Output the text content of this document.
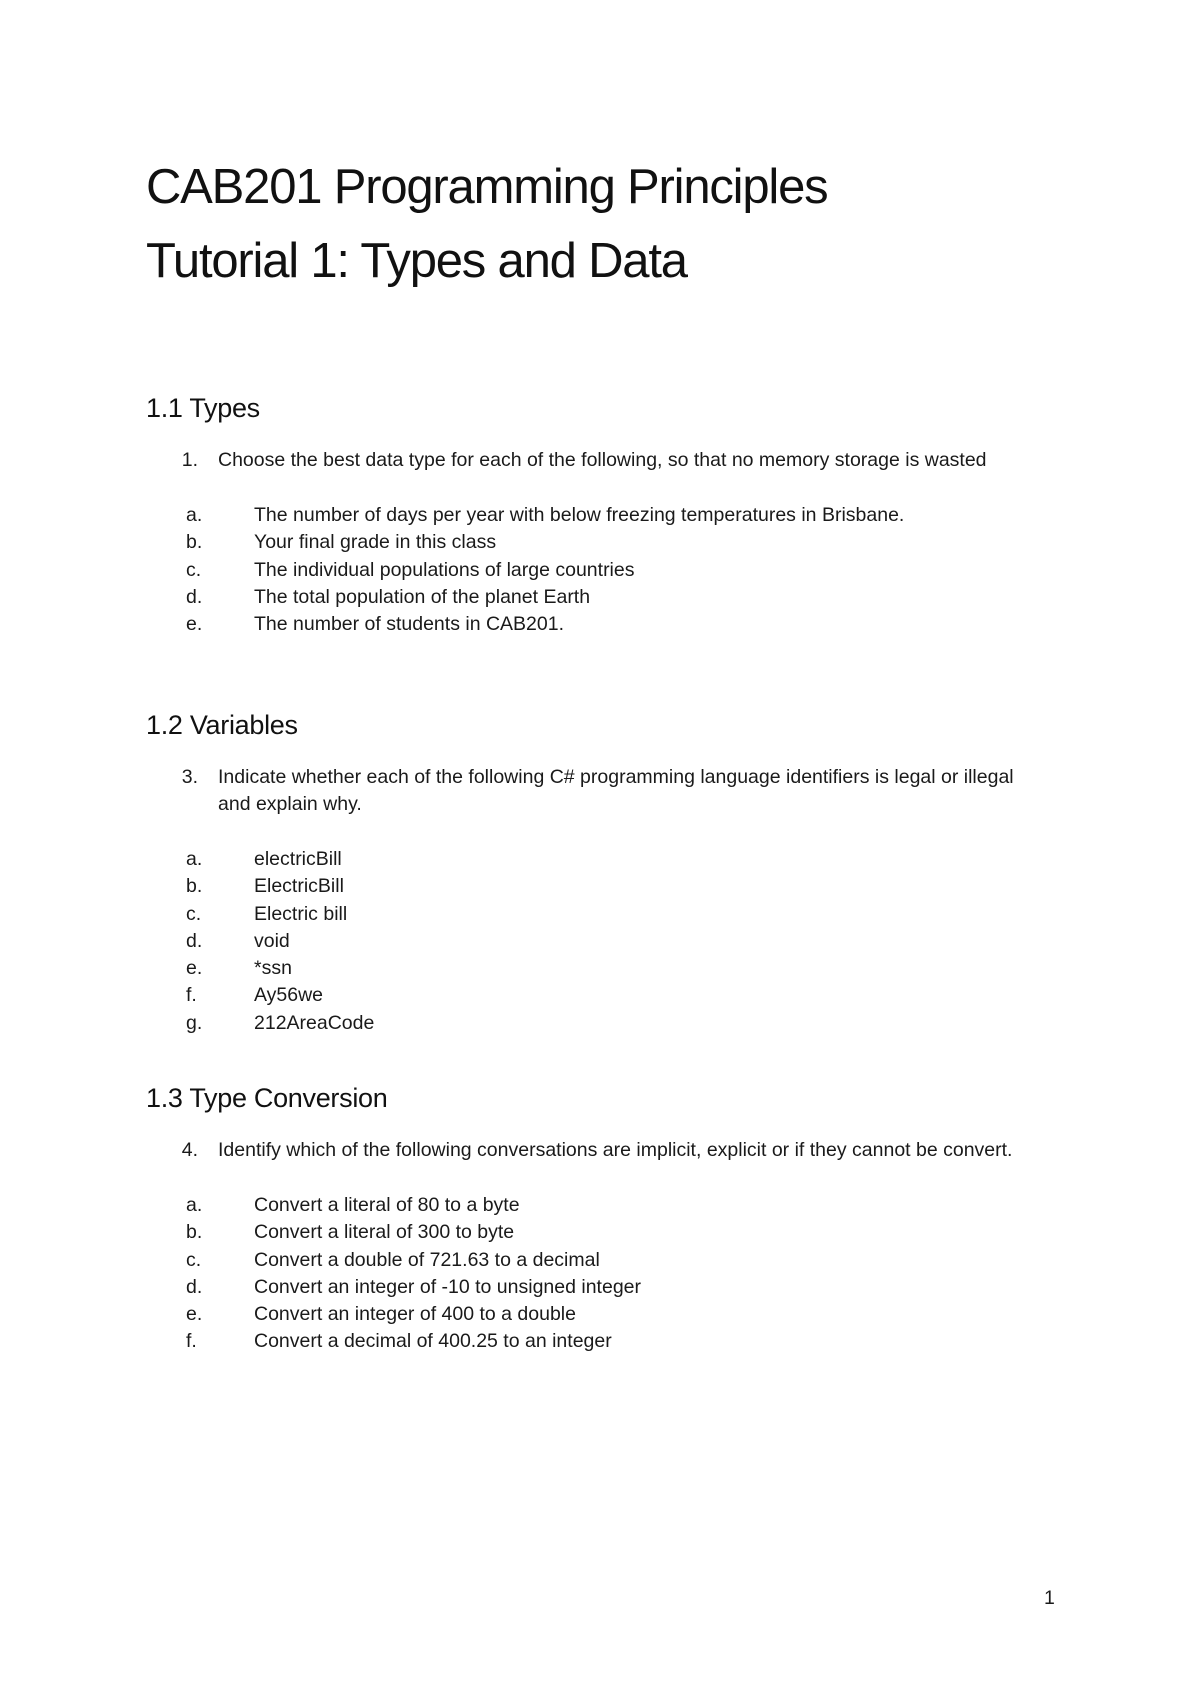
CAB201 Programming Principles
Tutorial 1: Types and Data
1.1 Types
1.	Choose the best data type for each of the following, so that no memory storage is wasted
a.	The number of days per year with below freezing temperatures in Brisbane.
b.	Your final grade in this class
c.	The individual populations of large countries
d.	The total population of the planet Earth
e.	The number of students in CAB201.
1.2 Variables
3.	Indicate whether each of the following C# programming language identifiers is legal or illegal and explain why.
a.	electricBill
b.	ElectricBill
c.	Electric bill
d.	void
e.	*ssn
f.	Ay56we
g.	212AreaCode
1.3 Type Conversion
4.	Identify which of the following conversations are implicit, explicit or if they cannot be convert.
a.	Convert a literal of 80 to a byte
b.	Convert a literal of 300 to byte
c.	Convert a double of 721.63 to a decimal
d.	Convert an integer of -10 to unsigned integer
e.	Convert an integer of 400 to a double
f.	Convert a decimal of 400.25 to an integer
1
